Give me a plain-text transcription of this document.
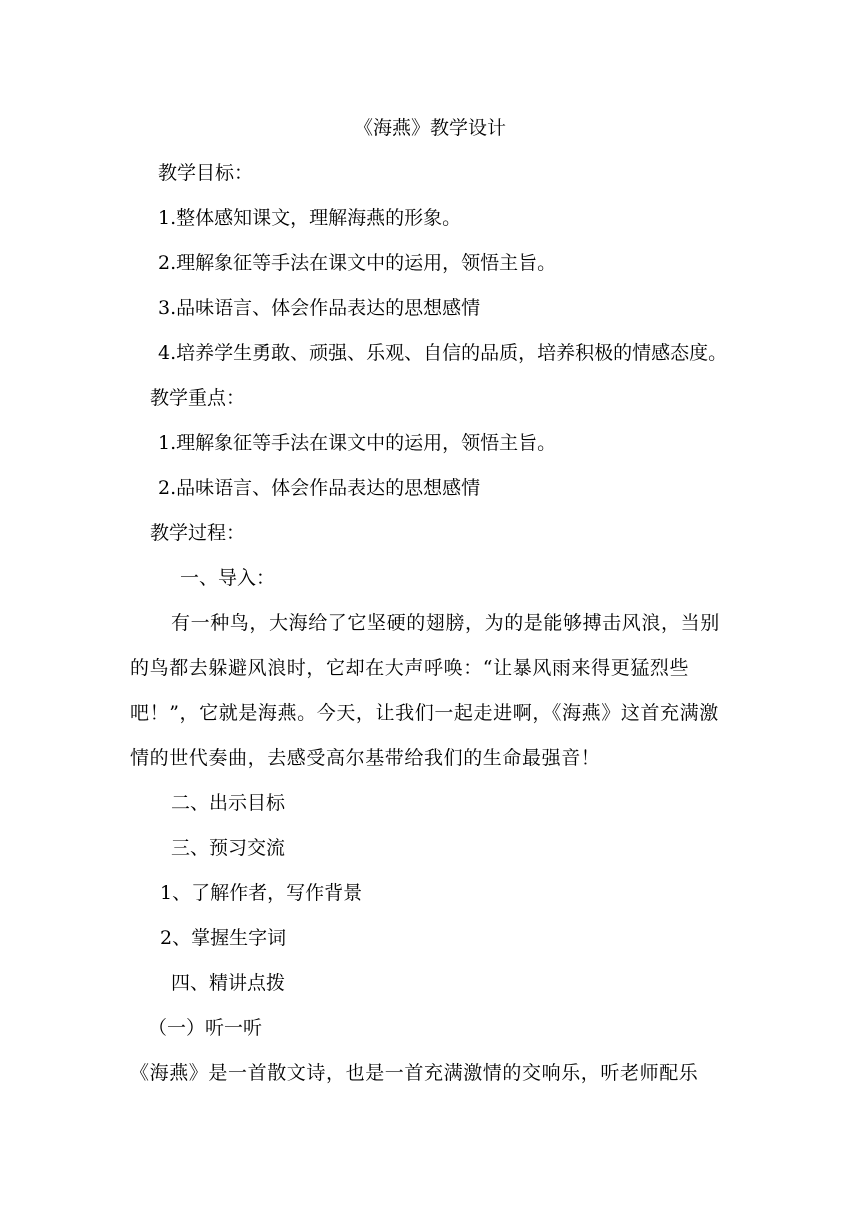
《海燕》教学设计
教学目标：
1.整体感知课文，理解海燕的形象。
2.理解象征等手法在课文中的运用，领悟主旨。
3.品味语言、体会作品表达的思想感情
4.培养学生勇敢、顽强、乐观、自信的品质，培养积极的情感态度。
教学重点：
1.理解象征等手法在课文中的运用，领悟主旨。
2.品味语言、体会作品表达的思想感情
教学过程：
一、导入：
有一种鸟，大海给了它坚硬的翅膀，为的是能够搏击风浪，当别
的鸟都去躲避风浪时，它却在大声呼唤：“让暴风雨来得更猛烈些
吧！”，它就是海燕。今天，让我们一起走进啊，《海燕》这首充满激
情的世代奏曲，去感受高尔基带给我们的生命最强音！
二、出示目标
三、预习交流
1、了解作者，写作背景
2、掌握生字词
四、精讲点拨
（一）听一听
《海燕》是一首散文诗，也是一首充满激情的交响乐，听老师配乐
